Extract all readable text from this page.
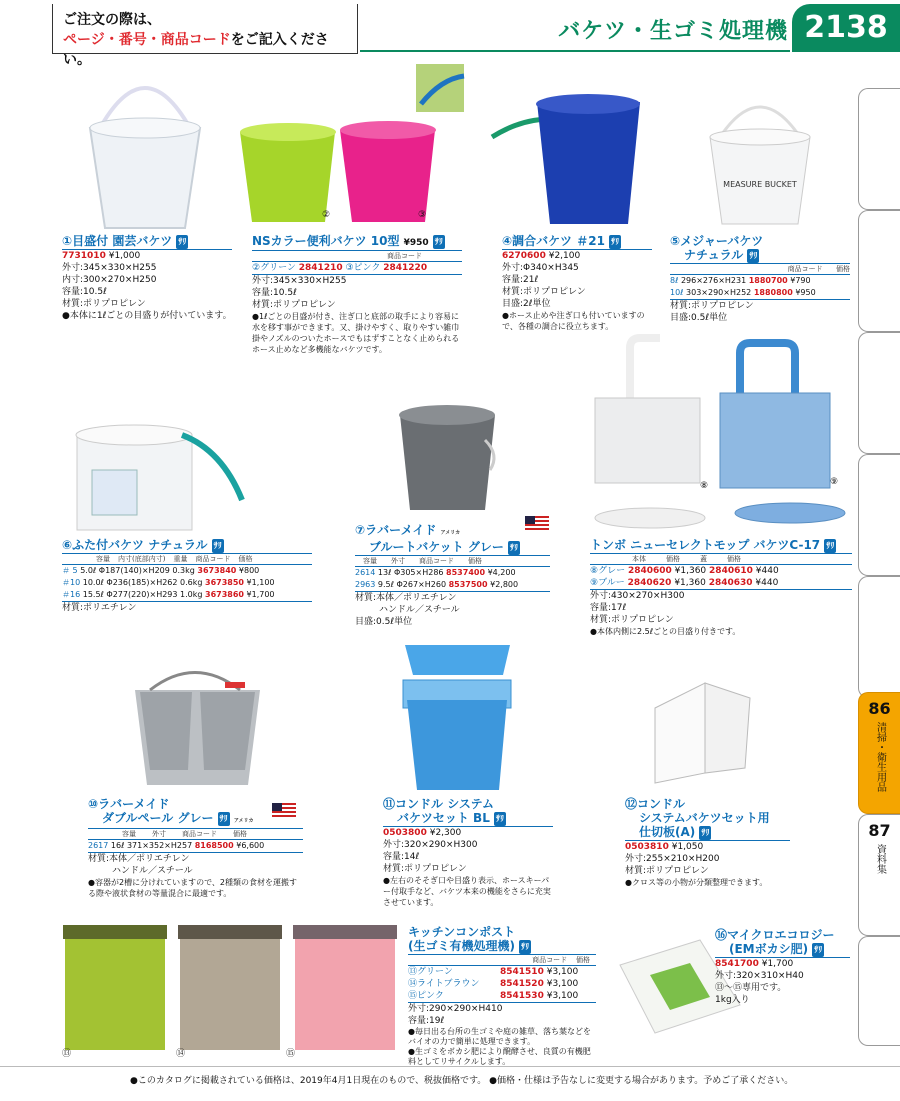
ご注文の際は、
ページ・番号・商品コードをご記入ください。
バケツ・生ゴミ処理機 2138
86
清掃・衛生用品
87
資料集
②	③
MEASURE BUCKET
①目盛付 園芸バケツ ｻﾘ
7731010 ¥1,000
外寸:345×330×H255
内寸:300×270×H250
容量:10.5ℓ
材質:ポリプロピレン
●本体に1ℓごとの目盛りが付いています。
NSカラー便利バケツ 10型 ¥950 ｻﾘ
商品コード
②グリーン 2841210 ③ピンク 2841220
外寸:345×330×H255
容量:10.5ℓ
材質:ポリプロピレン
●1ℓごとの目盛が付き、注ぎ口と底部の取手により容易に水を移す事ができます。又、掛けやすく、取りやすい雑巾掛やノズルのついたホースでもはずすことなく止められるホース止めなど多機能なバケツです。
④調合バケツ ＃21 ｻﾘ
6270600 ¥2,100
外寸:Φ340×H345
容量:21ℓ
材質:ポリプロピレン
目盛:2ℓ単位
●ホース止めや注ぎ口も付いていますので、各種の調合に役立ちます。
⑤メジャーバケツ
ナチュラル ｻﾘ
商品コード 価格
8ℓ 296×276×H231 1880700 ¥790
10ℓ 303×290×H252 1880800 ¥950
材質:ポリプロピレン
目盛:0.5ℓ単位
⑧	⑨
⑥ふた付バケツ ナチュラル ｻﾘ
容量 内寸(底部内寸) 重量 商品コード 価格
＃ 5 5.0ℓ Φ187(140)×H209 0.3kg 3673840 ¥800
＃10 10.0ℓ Φ236(185)×H262 0.6kg 3673850 ¥1,100
＃16 15.5ℓ Φ277(220)×H293 1.0kg 3673860 ¥1,700
材質:ポリエチレン
⑦ラバーメイド アメリカ
ブルートバケット グレー ｻﾘ
容量 外寸 商品コード 価格
2614 13ℓ Φ305×H286 8537400 ¥4,200
2963 9.5ℓ Φ267×H260 8537500 ¥2,800
材質:本体／ポリエチレン
ハンドル／スチール
目盛:0.5ℓ単位
トンボ ニューセレクトモップ バケツC-17 ｻﾘ
本体	価格	蓋	価格
⑧グレー 2840600 ¥1,360 2840610 ¥440
⑨ブルー 2840620 ¥1,360 2840630 ¥440
外寸:430×270×H300
容量:17ℓ
材質:ポリプロピレン
●本体内側に2.5ℓごとの目盛り付きです。
⑩ラバーメイド
ダブルペール グレー ｻﾘ アメリカ
容量 外寸 商品コード 価格
2617 16ℓ 371×352×H257 8168500 ¥6,600
材質:本体／ポリエチレン
ハンドル／スチール
●容器が2槽に分けれていますので、2種類の食材を運搬する際や液状食材の等量混合に最適です。
⑪コンドル システム
バケツセット BL ｻﾘ
0503800 ¥2,300
外寸:320×290×H300
容量:14ℓ
材質:ポリプロピレン
●左右のそそぎ口や目盛り表示、ホースキーパー付取手など、バケツ本来の機能をさらに充実させています。
⑫コンドル
システムバケツセット用
仕切板(A) ｻﾘ
0503810 ¥1,050
外寸:255×210×H200
材質:ポリプロピレン
●クロス等の小物が分類整理できます。
⑬	⑭	⑮
キッチンコンポスト
(生ゴミ有機処理機) ｻﾘ
商品コード 価格
⑬グリーン	8541510 ¥3,100
⑭ライトブラウン 8541520 ¥3,100
⑮ピンク	8541530 ¥3,100
外寸:290×290×H410
容量:19ℓ
●毎日出る台所の生ゴミや庭の雑草、落ち葉などをバイオの力で簡単に処理できます。
●生ゴミをボカシ肥により醗酵させ、良質の有機肥料としてリサイクルします。
⑯マイクロエコロジー
(EMボカシ肥) ｻﾘ
8541700 ¥1,700
外寸:320×310×H40
⑬〜⑮専用です。
1kg入り
●このカタログに掲載されている価格は、2019年4月1日現在のもので、税抜価格です。 ●価格・仕様は予告なしに変更する場合があります。予めご了承ください。
